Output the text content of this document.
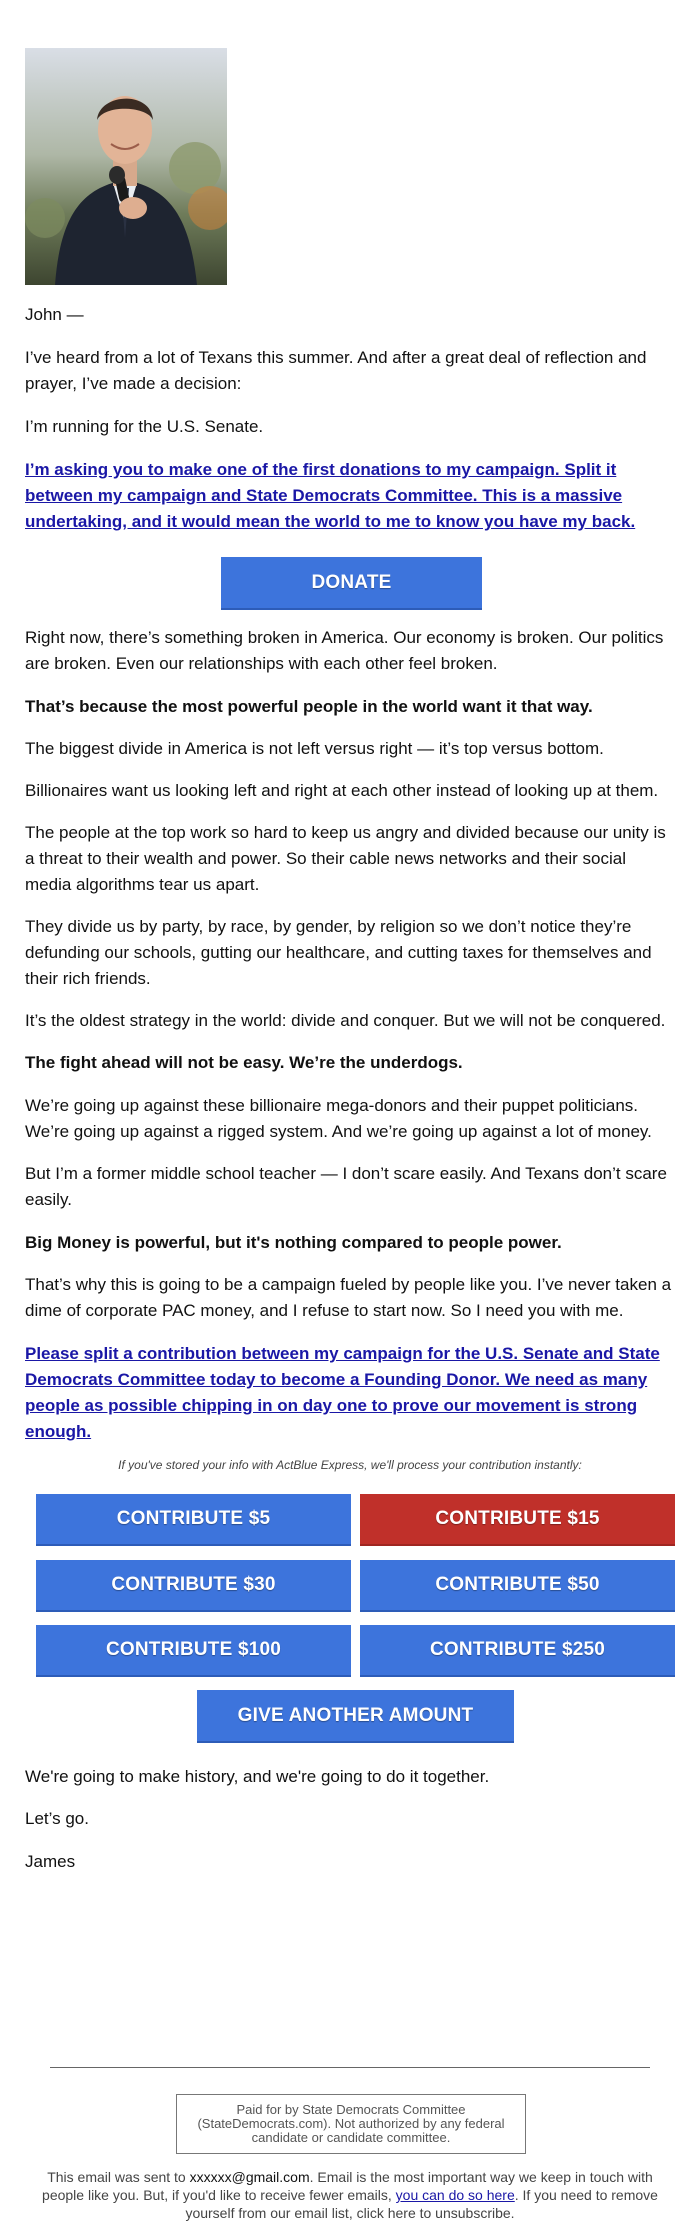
John —

I’ve heard from a lot of Texans this summer. And after a great deal of reflection and prayer, I’ve made a decision:

I’m running for the U.S. Senate.

I’m asking you to make one of the first donations to my campaign. Split it between my campaign and State Democrats Committee. This is a massive undertaking, and it would mean the world to me to know you have my back.
DONATE

Right now, there’s something broken in America. Our economy is broken. Our politics are broken. Even our relationships with each other feel broken.

That’s because the most powerful people in the world want it that way.

The biggest divide in America is not left versus right — it’s top versus bottom.

Billionaires want us looking left and right at each other instead of looking up at them.

The people at the top work so hard to keep us angry and divided because our unity is a threat to their wealth and power. So their cable news networks and their social media algorithms tear us apart.

They divide us by party, by race, by gender, by religion so we don’t notice they’re defunding our schools, gutting our healthcare, and cutting taxes for themselves and their rich friends.

It’s the oldest strategy in the world: divide and conquer. But we will not be conquered.

The fight ahead will not be easy. We’re the underdogs.

We’re going up against these billionaire mega-donors and their puppet politicians. We’re going up against a rigged system. And we’re going up against a lot of money.

But I’m a former middle school teacher — I don’t scare easily. And Texans don’t scare easily.

Big Money is powerful, but it's nothing compared to people power.

That’s why this is going to be a campaign fueled by people like you. I’ve never taken a dime of corporate PAC money, and I refuse to start now. So I need you with me.

Please split a contribution between my campaign for the U.S. Senate and State Democrats Committee today to become a Founding Donor. We need as many people as possible chipping in on day one to prove our movement is strong enough.

If you've stored your info with ActBlue Express, we'll process your contribution instantly:

CONTRIBUTE $5	CONTRIBUTE $15
CONTRIBUTE $30	CONTRIBUTE $50
CONTRIBUTE $100	CONTRIBUTE $250
GIVE ANOTHER AMOUNT

We're going to make history, and we're going to do it together.

Let’s go.

James

Paid for by State Democrats Committee (StateDemocrats.com). Not authorized by any federal candidate or candidate committee.
This email was sent to xxxxxx@gmail.com. Email is the most important way we keep in touch with people like you. But, if you'd like to receive fewer emails, you can do so here. If you need to remove yourself from our email list, click here to unsubscribe.
